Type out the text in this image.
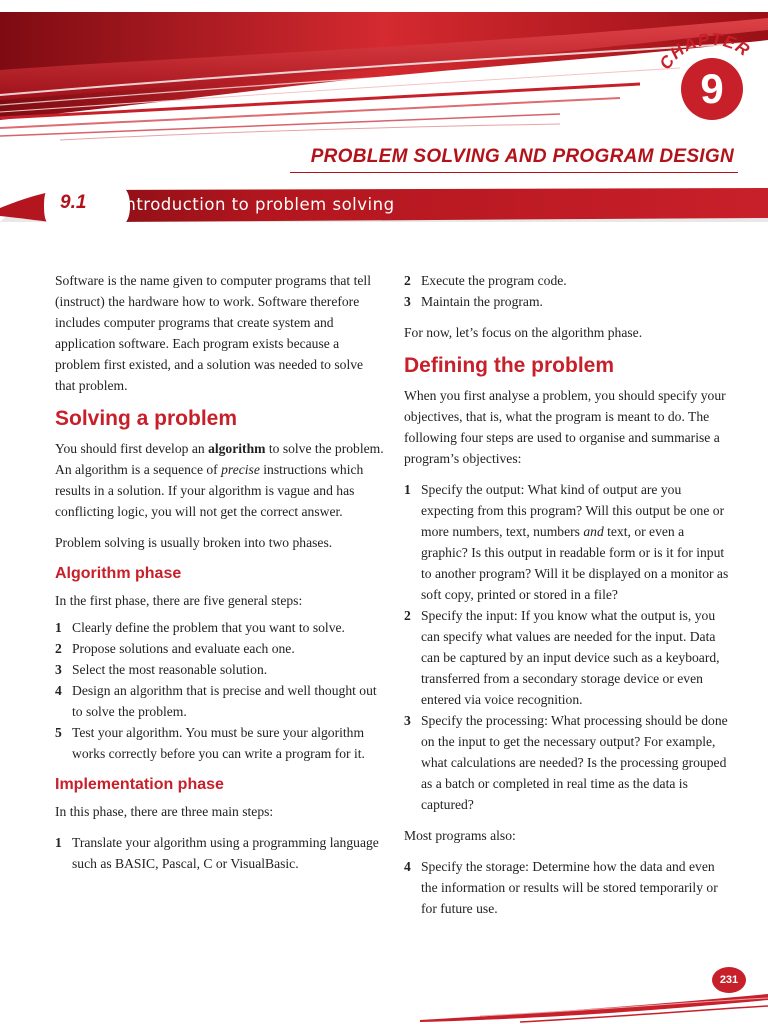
CHAPTER
9
PROBLEM SOLVING AND PROGRAM DESIGN
9.1 Introduction to problem solving

Software is the name given to computer programs that tell (instruct) the hardware how to work. Software therefore includes computer programs that create system and application software. Each program exists because a problem first existed, and a solution was needed to solve that problem.

Solving a problem

You should first develop an algorithm to solve the problem. An algorithm is a sequence of precise instructions which results in a solution. If your algorithm is vague and has conflicting logic, you will not get the correct answer.

Problem solving is usually broken into two phases.

Algorithm phase

In the first phase, there are five general steps:

1 Clearly define the problem that you want to solve.
2 Propose solutions and evaluate each one.
3 Select the most reasonable solution.
4 Design an algorithm that is precise and well thought out to solve the problem.
5 Test your algorithm. You must be sure your algorithm works correctly before you can write a program for it.
Implementation phase

In this phase, there are three main steps:

1 Translate your algorithm using a programming language such as BASIC, Pascal, C or VisualBasic.
2 Execute the program code.
3 Maintain the program.

For now, let’s focus on the algorithm phase.

Defining the problem

When you first analyse a problem, you should specify your objectives, that is, what the program is meant to do. The following four steps are used to organise and summarise a program’s objectives:

1 Specify the output: What kind of output are you expecting from this program? Will this output be one or more numbers, text, numbers and text, or even a graphic? Is this output in readable form or is it for input to another program? Will it be displayed on a monitor as soft copy, printed or stored in a file?
2 Specify the input: If you know what the output is, you can specify what values are needed for the input. Data can be captured by an input device such as a keyboard, transferred from a secondary storage device or even entered via voice recognition.
3 Specify the processing: What processing should be done on the input to get the necessary output? For example, what calculations are needed? Is the processing grouped as a batch or completed in real time as the data is captured?

Most programs also:

4 Specify the storage: Determine how the data and even the information or results will be stored temporarily or for future use.
231
